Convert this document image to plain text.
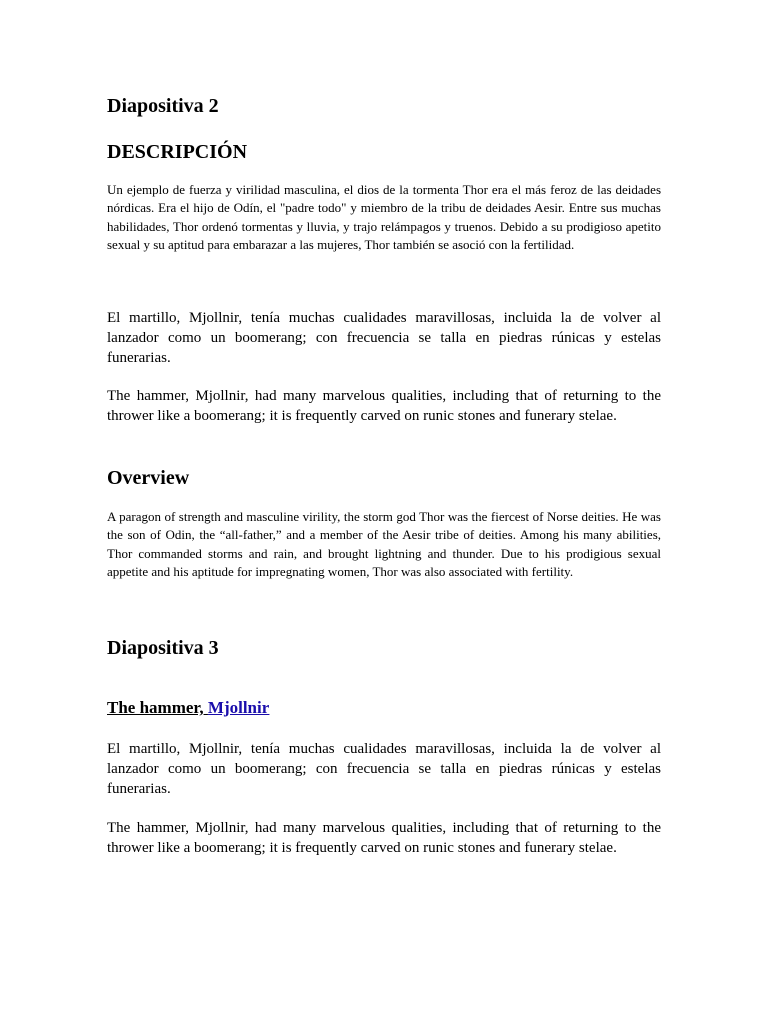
Diapositiva 2
DESCRIPCIÓN

Un ejemplo de fuerza y virilidad masculina, el dios de la tormenta Thor era el más feroz de las deidades nórdicas. Era el hijo de Odín, el "padre todo" y miembro de la tribu de deidades Aesir. Entre sus muchas habilidades, Thor ordenó tormentas y lluvia, y trajo relámpagos y truenos. Debido a su prodigioso apetito sexual y su aptitud para embarazar a las mujeres, Thor también se asoció con la fertilidad.

El martillo, Mjollnir, tenía muchas cualidades maravillosas, incluida la de volver al lanzador como un boomerang; con frecuencia se talla en piedras rúnicas y estelas funerarias.

The hammer, Mjollnir, had many marvelous qualities, including that of returning to the thrower like a boomerang; it is frequently carved on runic stones and funerary stelae.

Overview

A paragon of strength and masculine virility, the storm god Thor was the fiercest of Norse deities. He was the son of Odin, the “all-father,” and a member of the Aesir tribe of deities. Among his many abilities, Thor commanded storms and rain, and brought lightning and thunder. Due to his prodigious sexual appetite and his aptitude for impregnating women, Thor was also associated with fertility.

Diapositiva 3
The hammer, Mjollnir

El martillo, Mjollnir, tenía muchas cualidades maravillosas, incluida la de volver al lanzador como un boomerang; con frecuencia se talla en piedras rúnicas y estelas funerarias.

The hammer, Mjollnir, had many marvelous qualities, including that of returning to the thrower like a boomerang; it is frequently carved on runic stones and funerary stelae.
